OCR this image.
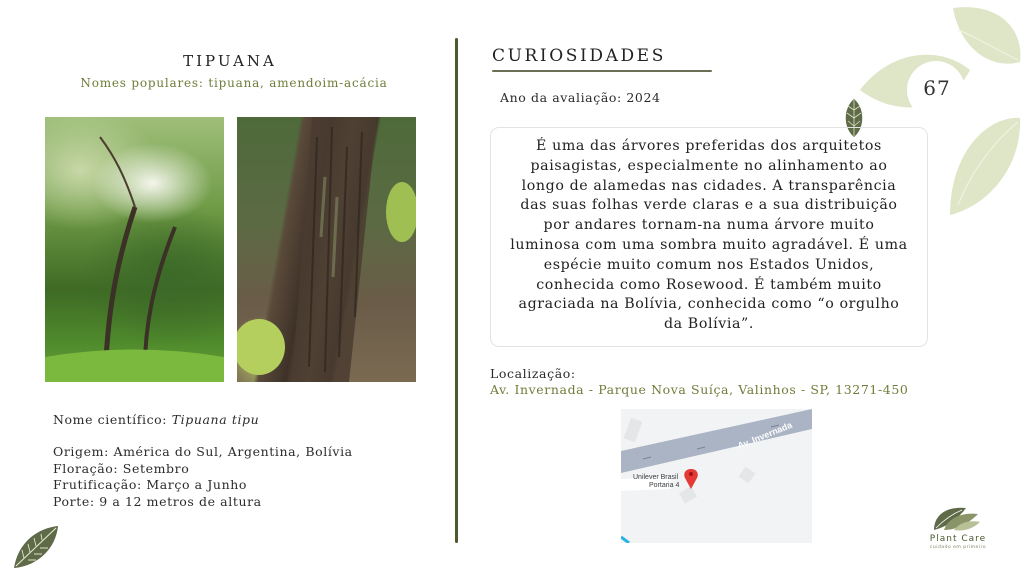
67
TIPUANA
Nomes populares: tipuana, amendoim-acácia
Nome científico: Tipuana tipu
Origem: América do Sul, Argentina, Bolívia
Floração: Setembro
Frutificação: Março a Junho
Porte: 9 a 12 metros de altura
CURIOSIDADES
Ano da avaliação: 2024

É uma das árvores preferidas dos arquitetos paisagistas, especialmente no alinhamento ao longo de alamedas nas cidades. A transparência das suas folhas verde claras e a sua distribuição por andares tornam-na numa árvore muito luminosa com uma sombra muito agradável. É uma espécie muito comum nos Estados Unidos, conhecida como Rosewood. É também muito agraciada na Bolívia, conhecida como “o orgulho da Bolívia”.

Localização:
Av. Invernada - Parque Nova Suíça, Valinhos - SP, 13271-450
Av. Invernada
Unilever Brasil
Portaria 4
Plant Care
cuidado em primeiro
